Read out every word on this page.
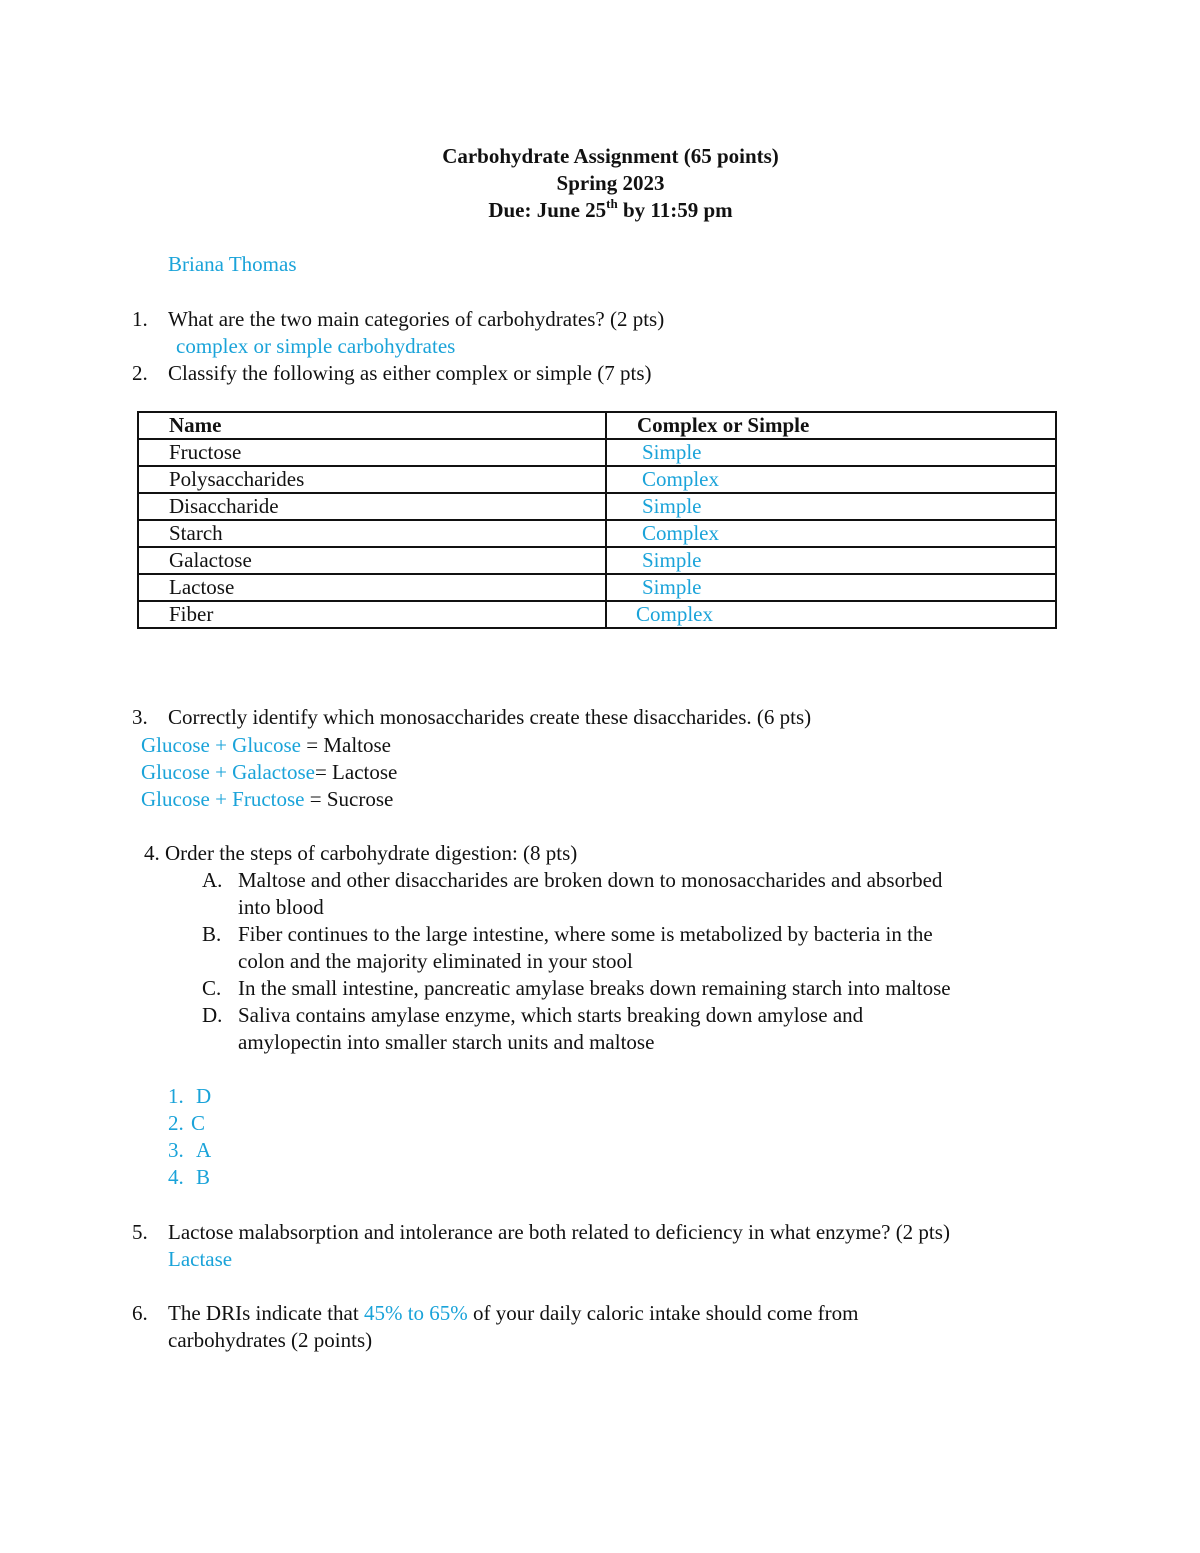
Carbohydrate Assignment (65 points)
Spring 2023
Due: June 25th by 11:59 pm
Briana Thomas
1. What are the two main categories of carbohydrates? (2 pts)
complex or simple carbohydrates
2. Classify the following as either complex or simple (7 pts)
Name	Complex or Simple
Fructose	Simple
Polysaccharides	Complex
Disaccharide	Simple
Starch	Complex
Galactose	Simple
Lactose	Simple
Fiber	Complex
3. Correctly identify which monosaccharides create these disaccharides. (6 pts)
Glucose + Glucose = Maltose
Glucose + Galactose= Lactose
Glucose + Fructose = Sucrose
4. Order the steps of carbohydrate digestion: (8 pts)
A. Maltose and other disaccharides are broken down to monosaccharides and absorbed
into blood
B. Fiber continues to the large intestine, where some is metabolized by bacteria in the
colon and the majority eliminated in your stool
C. In the small intestine, pancreatic amylase breaks down remaining starch into maltose
D. Saliva contains amylase enzyme, which starts breaking down amylose and
amylopectin into smaller starch units and maltose
1. D
2. C
3. A
4. B
5. Lactose malabsorption and intolerance are both related to deficiency in what enzyme? (2 pts)
Lactase
6. The DRIs indicate that 45% to 65% of your daily caloric intake should come from
carbohydrates (2 points)
